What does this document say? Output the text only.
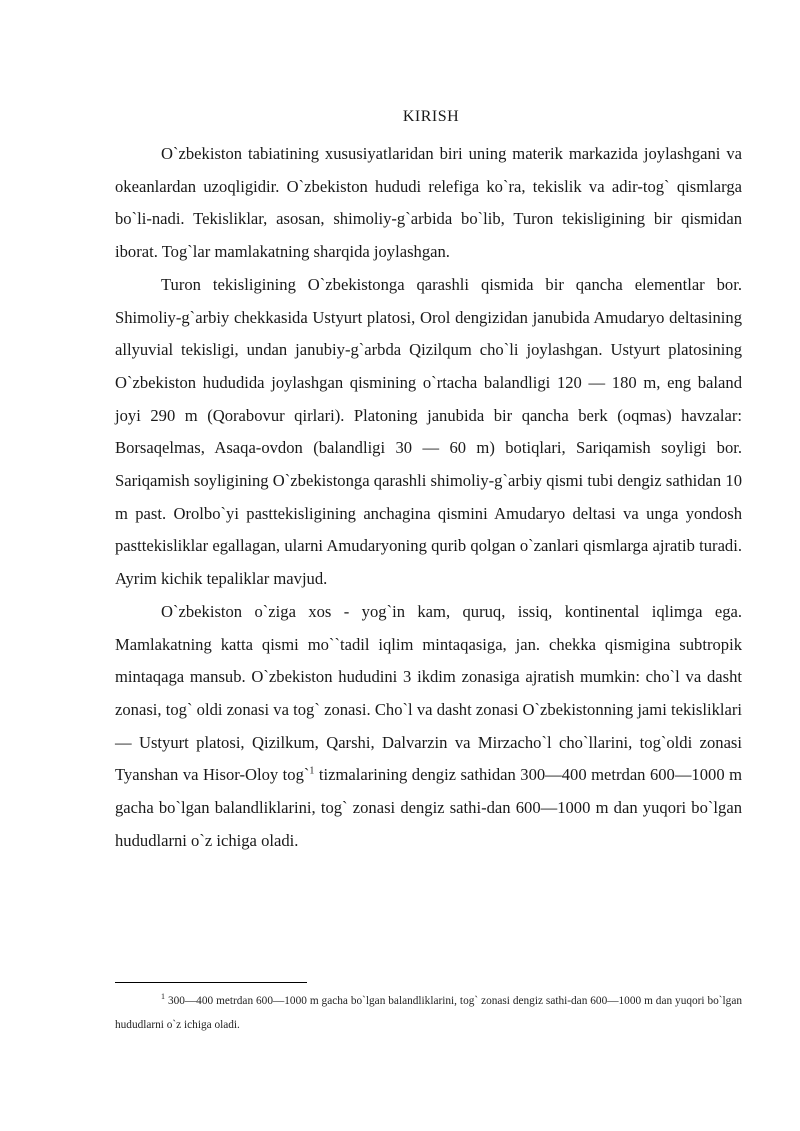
KIRISH

O`zbekiston tabiatining xususiyatlaridan biri uning materik markazida joylashgani va okeanlardan uzoqligidir. O`zbekiston hududi relefiga ko`ra, tekislik va adir-tog` qismlarga bo`li-nadi. Tekisliklar, asosan, shimoliy-g`arbida bo`lib, Turon tekisligining bir qismidan iborat. Tog`lar mamlakatning sharqida joylashgan.

Turon tekisligining O`zbekistonga qarashli qismida bir qancha elementlar bor. Shimoliy-g`arbiy chekkasida Ustyurt platosi, Orol dengizidan janubida Amudaryo deltasining allyuvial tekisligi, undan janubiy-g`arbda Qizilqum cho`li joylashgan. Ustyurt platosining O`zbekiston hududida joylashgan qismining o`rtacha balandligi 120 — 180 m, eng baland joyi 290 m (Qorabovur qirlari). Platoning janubida bir qancha berk (oqmas) havzalar: Borsaqelmas, Asaqa-ovdon (balandligi 30 — 60 m) botiqlari, Sariqamish soyligi bor. Sariqamish soyligining O`zbekistonga qarashli shimoliy-g`arbiy qismi tubi dengiz sathidan 10 m past. Orolbo`yi pasttekisligining anchagina qismini Amudaryo deltasi va unga yondosh pasttekisliklar egallagan, ularni Amudaryoning qurib qolgan o`zanlari qismlarga ajratib turadi. Ayrim kichik tepaliklar mavjud.

O`zbekiston o`ziga xos - yog`in kam, quruq, issiq, kontinental iqlimga ega. Mamlakatning katta qismi mo``tadil iqlim mintaqasiga, jan. chekka qismigina subtropik mintaqaga mansub. O`zbekiston hududini 3 ikdim zonasiga ajratish mumkin: cho`l va dasht zonasi, tog` oldi zonasi va tog` zonasi. Cho`l va dasht zonasi O`zbekistonning jami tekisliklari — Ustyurt platosi, Qizilkum, Qarshi, Dalvarzin va Mirzacho`l cho`llarini, tog`oldi zonasi Tyanshan va Hisor-Oloy tog`$^1$ tizmalarining dengiz sathidan 300—400 metrdan 600—1000 m gacha bo`lgan balandliklarini, tog` zonasi dengiz sathi-dan 600—1000 m dan yuqori bo`lgan hududlarni o`z ichiga oladi.

$^1$ 300—400 metrdan 600—1000 m gacha bo`lgan balandliklarini, tog` zonasi dengiz sathi-dan 600—1000 m dan yuqori bo`lgan hududlarni o`z ichiga oladi.
